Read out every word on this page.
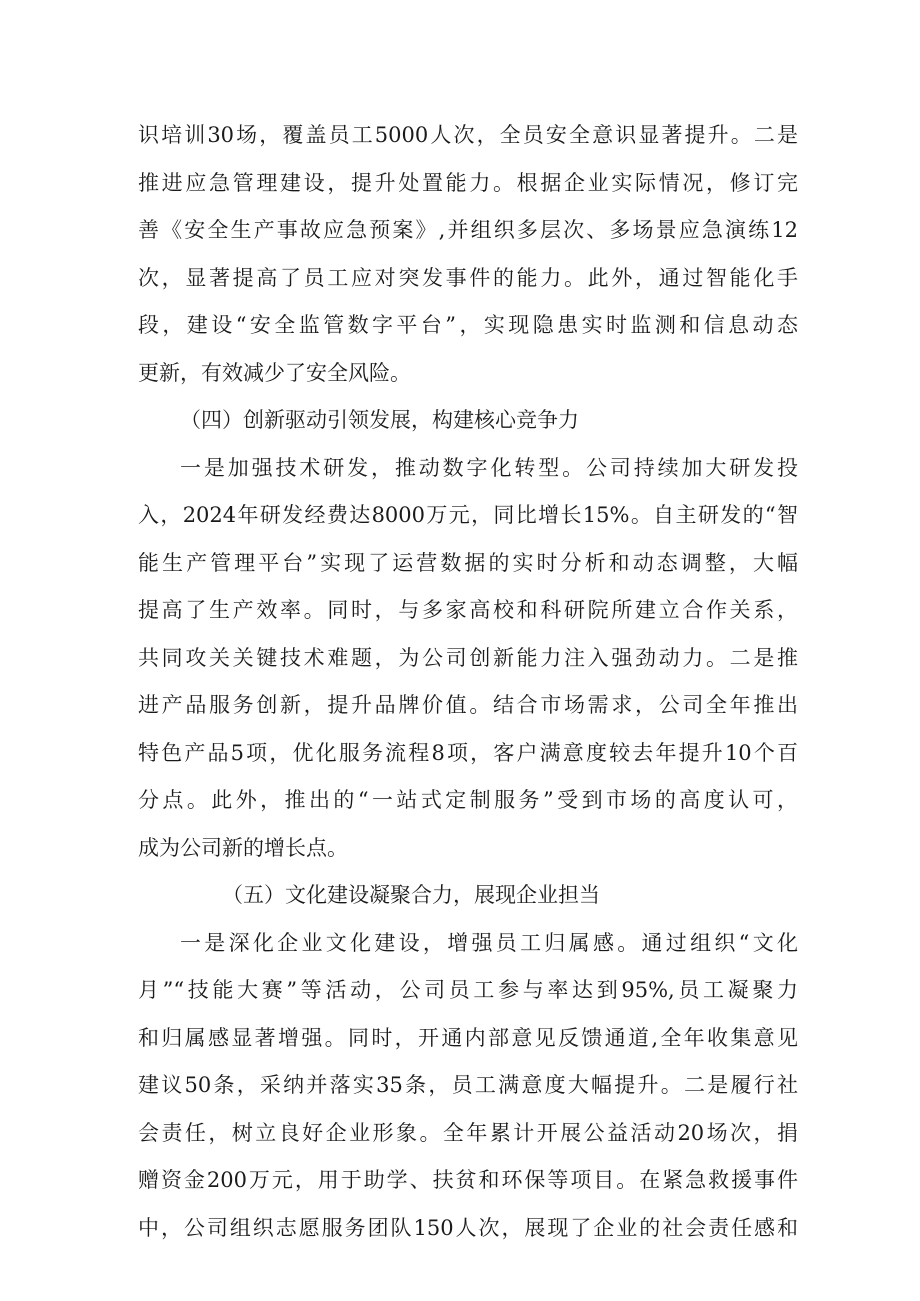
识培训30场，覆盖员工5000人次，全员安全意识显著提升。二是
推进应急管理建设，提升处置能力。根据企业实际情况，修订完
善《安全生产事故应急预案》,并组织多层次、多场景应急演练12
次，显著提高了员工应对突发事件的能力。此外，通过智能化手
段，建设“安全监管数字平台”，实现隐患实时监测和信息动态
更新，有效减少了安全风险。
（四）创新驱动引领发展，构建核心竞争力
一是加强技术研发，推动数字化转型。公司持续加大研发投
入，2024年研发经费达8000万元，同比增长15%。自主研发的“智
能生产管理平台”实现了运营数据的实时分析和动态调整，大幅
提高了生产效率。同时，与多家高校和科研院所建立合作关系，
共同攻关关键技术难题，为公司创新能力注入强劲动力。二是推
进产品服务创新，提升品牌价值。结合市场需求，公司全年推出
特色产品5项，优化服务流程8项，客户满意度较去年提升10个百
分点。此外，推出的“一站式定制服务”受到市场的高度认可，
成为公司新的增长点。
（五）文化建设凝聚合力，展现企业担当
一是深化企业文化建设，增强员工归属感。通过组织“文化
月”“技能大赛”等活动，公司员工参与率达到95%,员工凝聚力
和归属感显著增强。同时，开通内部意见反馈通道,全年收集意见
建议50条，采纳并落实35条，员工满意度大幅提升。二是履行社
会责任，树立良好企业形象。全年累计开展公益活动20场次，捐
赠资金200万元，用于助学、扶贫和环保等项目。在紧急救援事件
中，公司组织志愿服务团队150人次，展现了企业的社会责任感和
